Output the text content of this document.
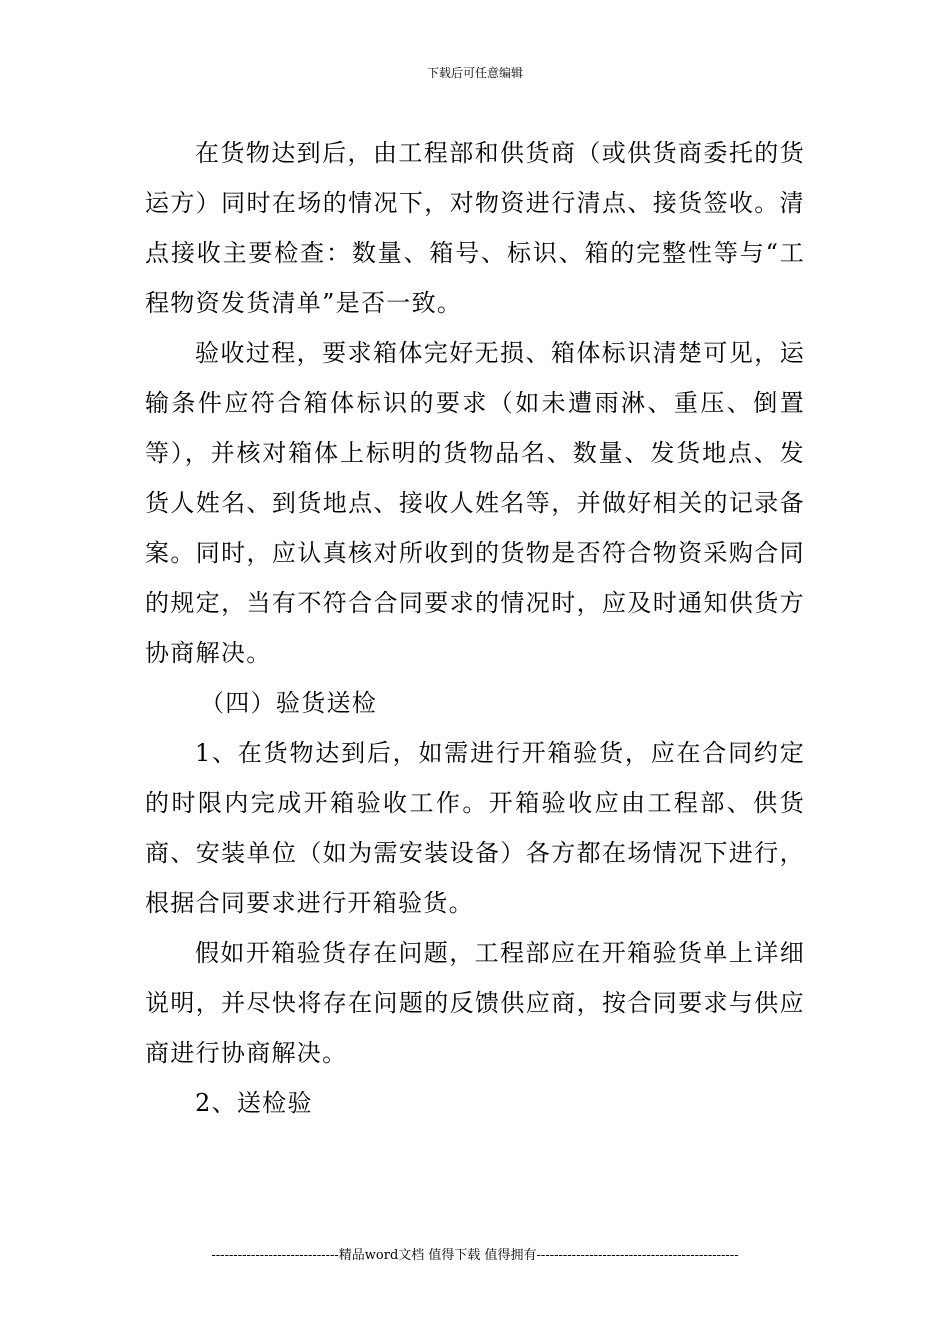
下载后可任意编辑

在货物达到后，由工程部和供货商（或供货商委托的货运方）同时在场的情况下，对物资进行清点、接货签收。清点接收主要检查：数量、箱号、标识、箱的完整性等与“工程物资发货清单”是否一致。

验收过程，要求箱体完好无损、箱体标识清楚可见，运输条件应符合箱体标识的要求（如未遭雨淋、重压、倒置等），并核对箱体上标明的货物品名、数量、发货地点、发货人姓名、到货地点、接收人姓名等，并做好相关的记录备案。同时，应认真核对所收到的货物是否符合物资采购合同的规定，当有不符合合同要求的情况时，应及时通知供货方协商解决。

（四）验货送检

1、在货物达到后，如需进行开箱验货，应在合同约定的时限内完成开箱验收工作。开箱验收应由工程部、供货商、安装单位（如为需安装设备）各方都在场情况下进行，根据合同要求进行开箱验货。

假如开箱验货存在问题，工程部应在开箱验货单上详细说明，并尽快将存在问题的反馈供应商，按合同要求与供应商进行协商解决。

2、送检验

-----------------------------精品word文档 值得下载 值得拥有----------------------------------------------
